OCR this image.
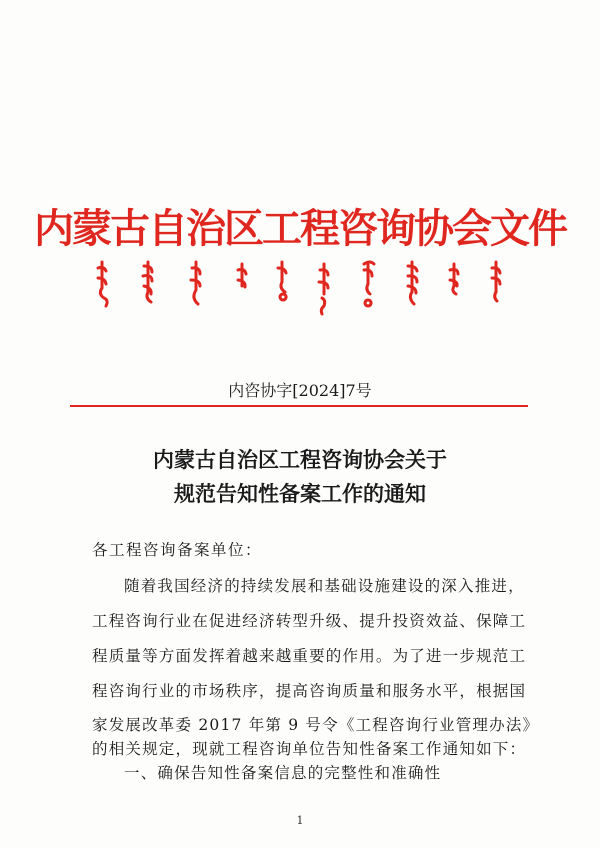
内蒙古自治区工程咨询协会文件
内咨协字[2024]7号
内蒙古自治区工程咨询协会关于
规范告知性备案工作的通知
各工程咨询备案单位：
随着我国经济的持续发展和基础设施建设的深入推进，
工程咨询行业在促进经济转型升级、提升投资效益、保障工
程质量等方面发挥着越来越重要的作用。为了进一步规范工
程咨询行业的市场秩序，提高咨询质量和服务水平，根据国
家发展改革委 2017 年第 9 号令《工程咨询行业管理办法》
的相关规定，现就工程咨询单位告知性备案工作通知如下：
一、确保告知性备案信息的完整性和准确性
1
